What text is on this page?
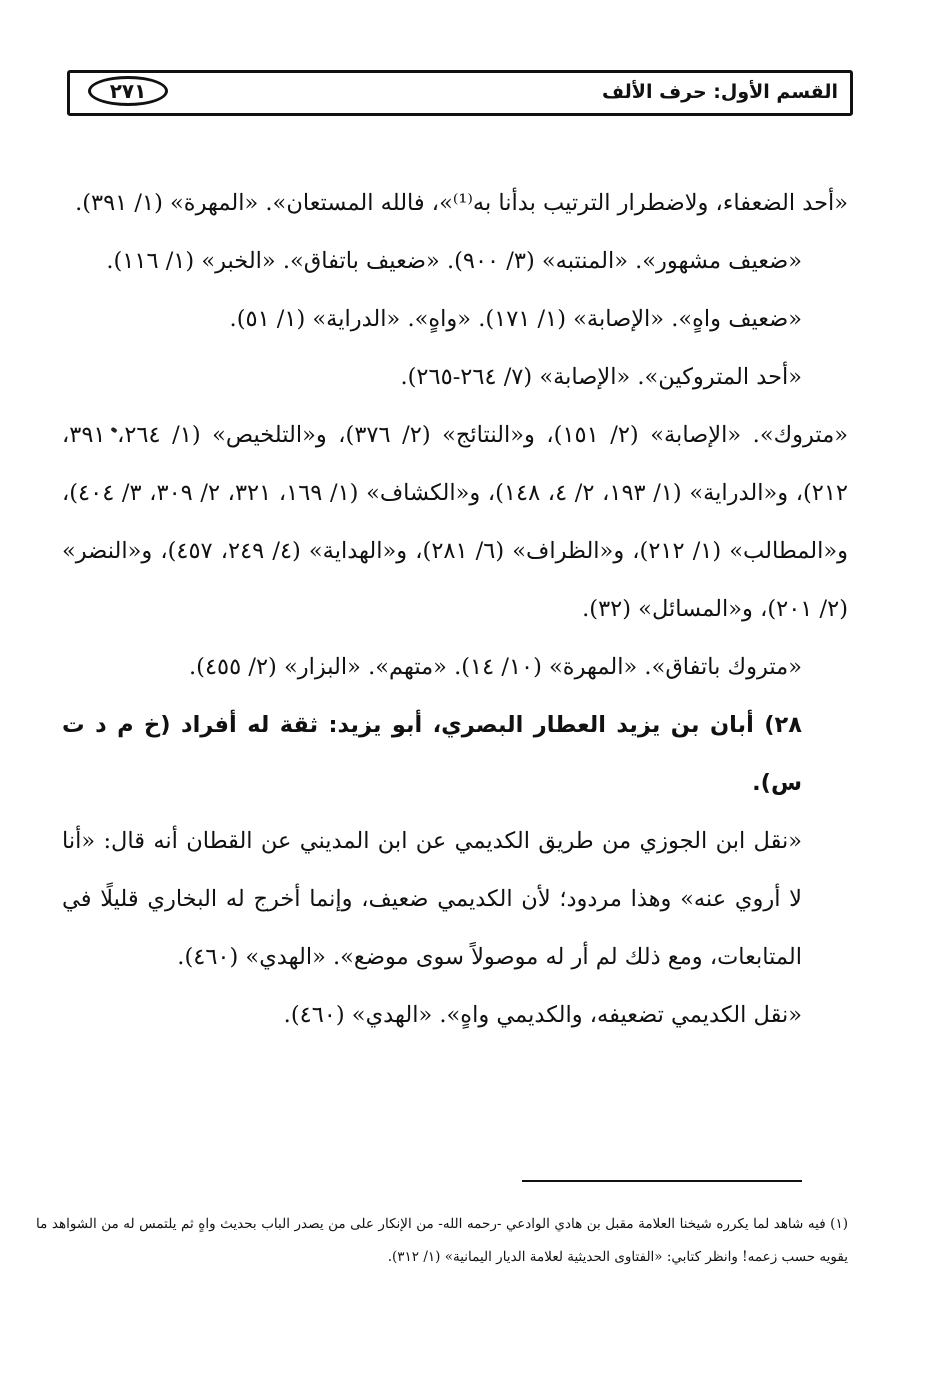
٢٧١	القسم الأول: حرف الألف

«أحد الضعفاء، ولاضطرار الترتيب بدأنا به⁽¹⁾»، فالله المستعان». «المهرة» (١/ ٣٩١).

«ضعيف مشهور». «المنتبه» (٣/ ٩٠٠). «ضعيف باتفاق». «الخبر» (١/ ١١٦).

«ضعيف واهٍ». «الإصابة» (١/ ١٧١). «واهٍ». «الدراية» (١/ ٥١).

«أحد المتروكين». «الإصابة» (٧/ ٢٦٤-٢٦٥).

«متروك». «الإصابة» (٢/ ١٥١)، و«النتائج» (٢/ ٣٧٦)، و«التلخيص» (١/ ٢٦٤، ٣٩١، ٢١٢)، و«الدراية» (١/ ١٩٣، ٢/ ٤، ١٤٨)، و«الكشاف» (١/ ١٦٩، ٣٢١، ٢/ ٣٠٩، ٣/ ٤٠٤)، و«المطالب» (١/ ٢١٢)، و«الظراف» (٦/ ٢٨١)، و«الهداية» (٤/ ٢٤٩، ٤٥٧)، و«النضر» (٢/ ٢٠١)، و«المسائل» (٣٢).

«متروك باتفاق». «المهرة» (١٠/ ١٤). «متهم». «البزار» (٢/ ٤٥٥).

٢٨) أبان بن يزيد العطار البصري، أبو يزيد: ثقة له أفراد (خ م د ت س).

«نقل ابن الجوزي من طريق الكديمي عن ابن المديني عن القطان أنه قال: «أنا لا أروي عنه» وهذا مردود؛ لأن الكديمي ضعيف، وإنما أخرج له البخاري قليلًا في المتابعات، ومع ذلك لم أر له موصولاً سوى موضع». «الهدي» (٤٦٠).

«نقل الكديمي تضعيفه، والكديمي واهٍ». «الهدي» (٤٦٠).

(١) فيه شاهد لما يكرره شيخنا العلامة مقبل بن هادي الوادعي -رحمه الله- من الإنكار على من يصدر الباب بحديث واهٍ ثم يلتمس له من الشواهد ما يقويه حسب زعمه! وانظر كتابي: «الفتاوى الحديثية لعلامة الديار اليمانية» (١/ ٣١٢).
